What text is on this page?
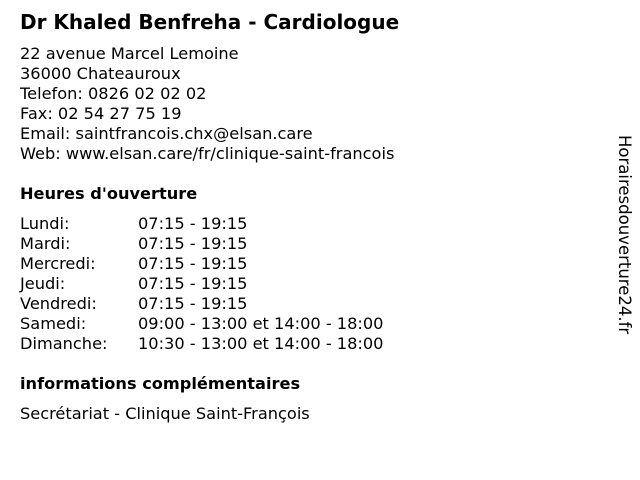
Dr Khaled Benfreha - Cardiologue
22 avenue Marcel Lemoine
36000 Chateauroux
Telefon: 0826 02 02 02
Fax: 02 54 27 75 19
Email: saintfrancois.chx@elsan.care
Web: www.elsan.care/fr/clinique-saint-francois
Heures d'ouverture
Lundi:	07:15 - 19:15
Mardi:	07:15 - 19:15
Mercredi:	07:15 - 19:15
Jeudi:	07:15 - 19:15
Vendredi:	07:15 - 19:15
Samedi:	09:00 - 13:00 et 14:00 - 18:00
Dimanche: 10:30 - 13:00 et 14:00 - 18:00
informations complémentaires
Secrétariat - Clinique Saint-François
Horairesdouverture24.fr
